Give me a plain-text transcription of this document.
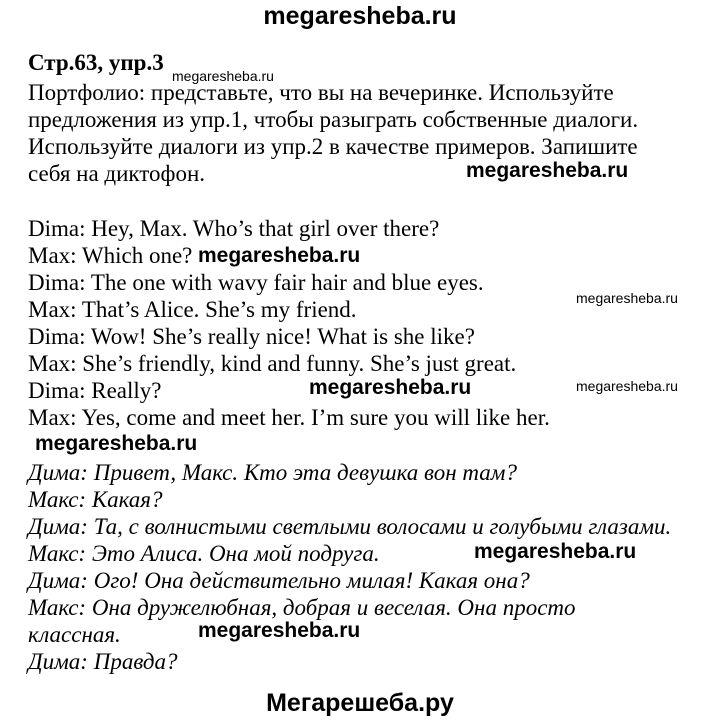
megaresheba.ru
Стр.63, упр.3
Портфолио: представьте, что вы на вечеринке. Используйте
предложения из упр.1, чтобы разыграть собственные диалоги.
Используйте диалоги из упр.2 в качестве примеров. Запишите
себя на диктофон.
Dima: Hey, Max. Who’s that girl over there?
Max: Which one?
Dima: The one with wavy fair hair and blue eyes.
Max: That’s Alice. She’s my friend.
Dima: Wow! She’s really nice! What is she like?
Max: She’s friendly, kind and funny. She’s just great.
Dima: Really?
Max: Yes, come and meet her. I’m sure you will like her.
Дима: Привет, Макс. Кто эта девушка вон там?
Макс: Какая?
Дима: Та, с волнистыми светлыми волосами и голубыми глазами.
Макс: Это Алиса. Она мой подруга.
Дима: Ого! Она действительно милая! Какая она?
Макс: Она дружелюбная, добрая и веселая. Она просто
классная.
Дима: Правда?
megaresheba.ru
megaresheba.ru
megaresheba.ru
megaresheba.ru
megaresheba.ru	megaresheba.ru
megaresheba.ru
megaresheba.ru
megaresheba.ru
Мегарешеба.ру
